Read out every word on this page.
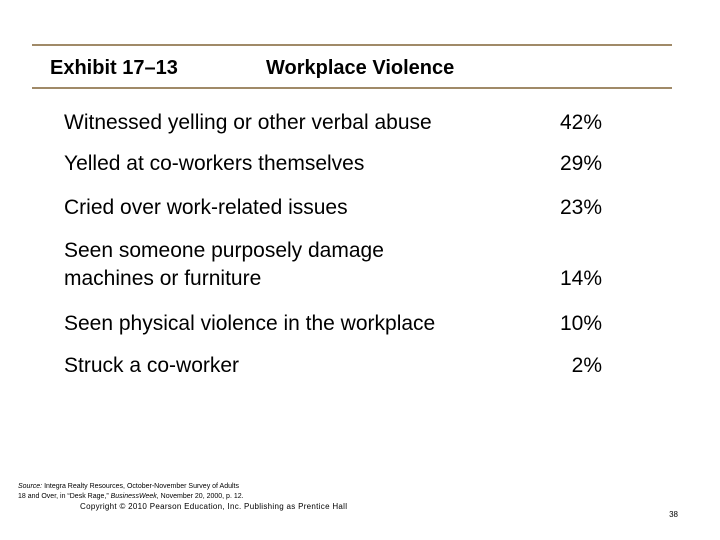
Exhibit 17–13	Workplace Violence
Witnessed yelling or other verbal abuse	42%
Yelled at co-workers themselves	29%
Cried over work-related issues	23%
Seen someone purposely damage
machines or furniture	14%
Seen physical violence in the workplace	10%
Struck a co-worker	2%
Source: Integra Realty Resources, October-November Survey of Adults
18 and Over, in “Desk Rage,” BusinessWeek, November 20, 2000, p. 12.
Copyright © 2010 Pearson Education, Inc. Publishing as Prentice Hall
38
